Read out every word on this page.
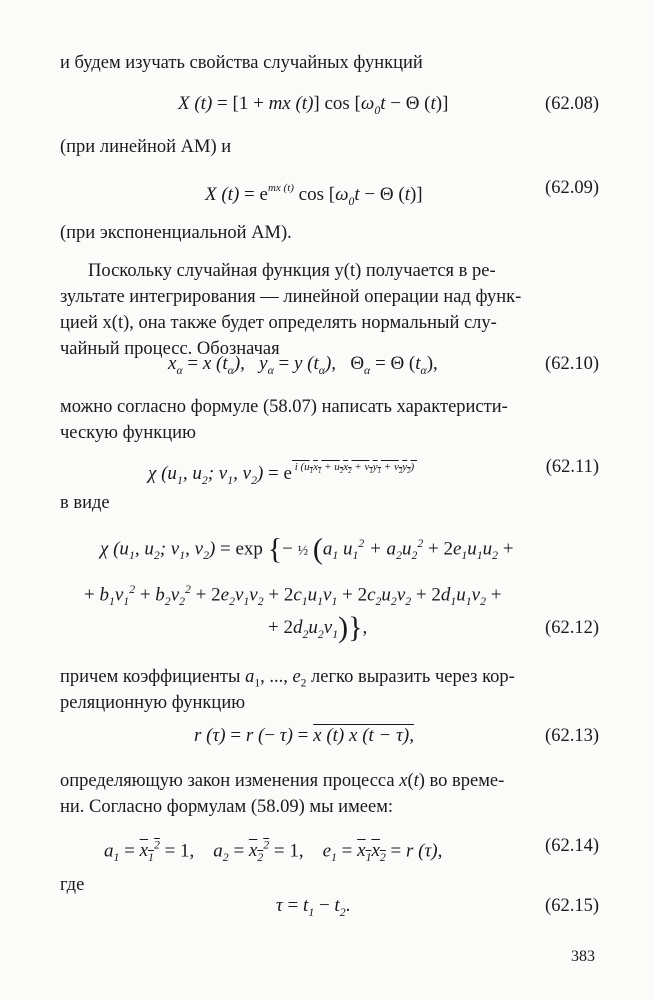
и будем изучать свойства случайных функций
X (t) = [1 + mx (t)] $\cos [\omega_0t - \Theta$ (t)]	(62.08)
(при линейной АМ) и
X $(t) = e^{mx (t)}$ $\cos [\omega_0t - \Theta$ (t)]	(62.09)
(при экспоненциальной АМ).
Поскольку случайная функция y(t) получается в ре-
зультате интегрирования — линейной операции над функ-
цией x(t), она также будет определять нормальный слу-
чайный процесс. Обозначая
$x_\alpha = x$ $(t_\alpha)$,   $y_\alpha = y$ $(t_\alpha)$,   $\Theta_\alpha = \Theta$ $(t_\alpha)$,	(62.10)
можно согласно формуле (58.07) написать характеристи-
ческую функцию
χ ($u_1$, $u_2$; $v_1$, $v_2) = e$ $^{i (u_1x_1 + u_2x_2 + v_1y_1 + v_2y_2)}$	(62.11)
в виде
χ ($u_1$, $u_2$; $v_1$, $v_2) = \exp$ {− ½ ($a_1$ $u_1^2 + a_2u_2^2 + 2e_1u_1u_2$ +
+ $b_1v_1^2 + b_2v_2^2 + 2e_2v_1v_2 + 2c_1u_1v_1 + 2c_2u_2v_2 + 2d_1u_1v_2$ +
+ $2d_2u_2v_1$)},	(62.12)
причем коэффициенты $a_1$, ..., $e_2$ легко выразить через кор-
реляционную функцию
r (τ) = r (− τ) = x (t) x (t − τ),	(62.13)
определяющую закон изменения процесса x(t) во време-
ни. Согласно формулам (58.09) мы имеем:
$a_1 = x_1^2 = 1$,    $a_2 = x_2^2 = 1$,    $e_1 = x_1x_2 = r$ (τ),	(62.14)
где
$\tau = t_1 - t_2$.	(62.15)
383
